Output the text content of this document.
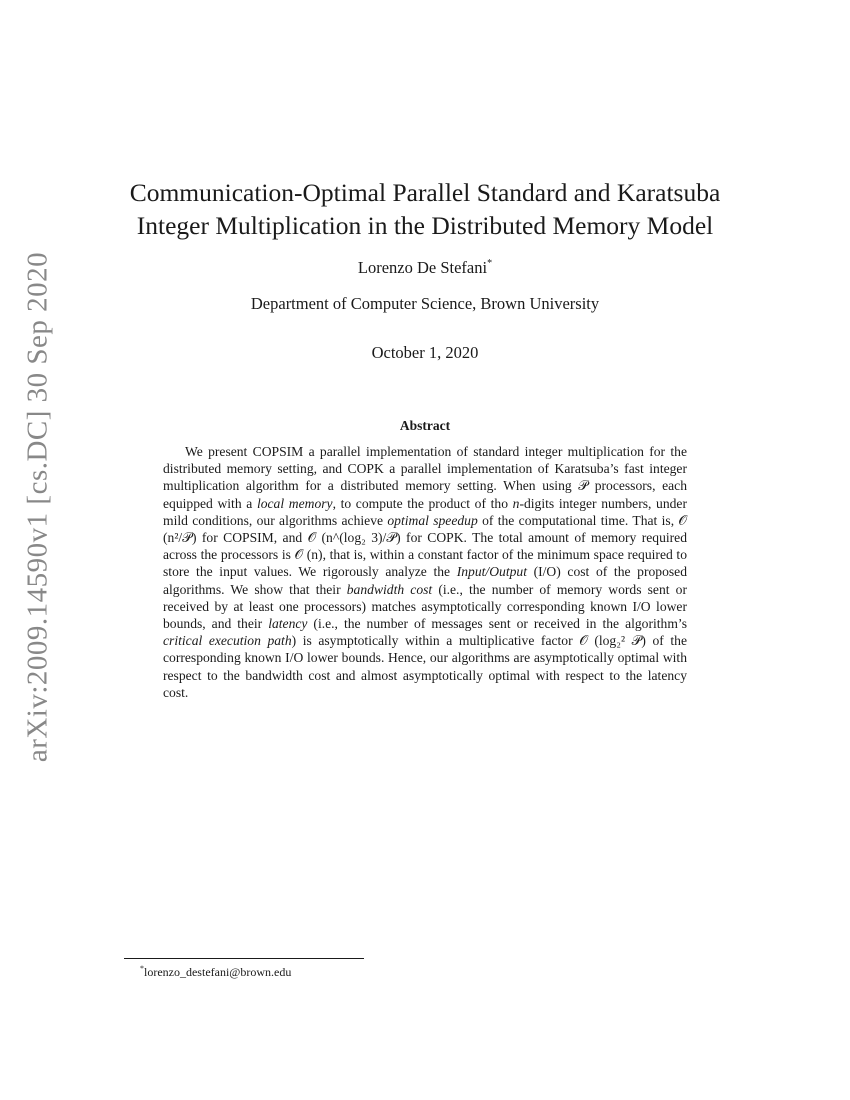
arXiv:2009.14590v1 [cs.DC] 30 Sep 2020
Communication-Optimal Parallel Standard and Karatsuba
Integer Multiplication in the Distributed Memory Model
Lorenzo De Stefani*
Department of Computer Science, Brown University
October 1, 2020
Abstract
We present COPSIM a parallel implementation of standard integer multiplication for the distributed memory setting, and COPK a parallel implementation of Karatsuba’s fast integer multiplication algorithm for a distributed memory setting. When using 𝒫 processors, each equipped with a local memory, to compute the product of tho n-digits integer numbers, under mild conditions, our algorithms achieve optimal speedup of the computational time. That is, 𝒪 (n²/𝒫) for COPSIM, and 𝒪 (n^(log₂ 3)/𝒫) for COPK. The total amount of memory required across the processors is 𝒪 (n), that is, within a constant factor of the minimum space required to store the input values. We rigorously analyze the Input/Output (I/O) cost of the proposed algorithms. We show that their bandwidth cost (i.e., the number of memory words sent or received by at least one processors) matches asymptotically corresponding known I/O lower bounds, and their latency (i.e., the number of messages sent or received in the algorithm’s critical execution path) is asymptotically within a multiplicative factor 𝒪 (log₂² 𝒫) of the corresponding known I/O lower bounds. Hence, our algorithms are asymptotically optimal with respect to the bandwidth cost and almost asymptotically optimal with respect to the latency cost.
*lorenzo_destefani@brown.edu
